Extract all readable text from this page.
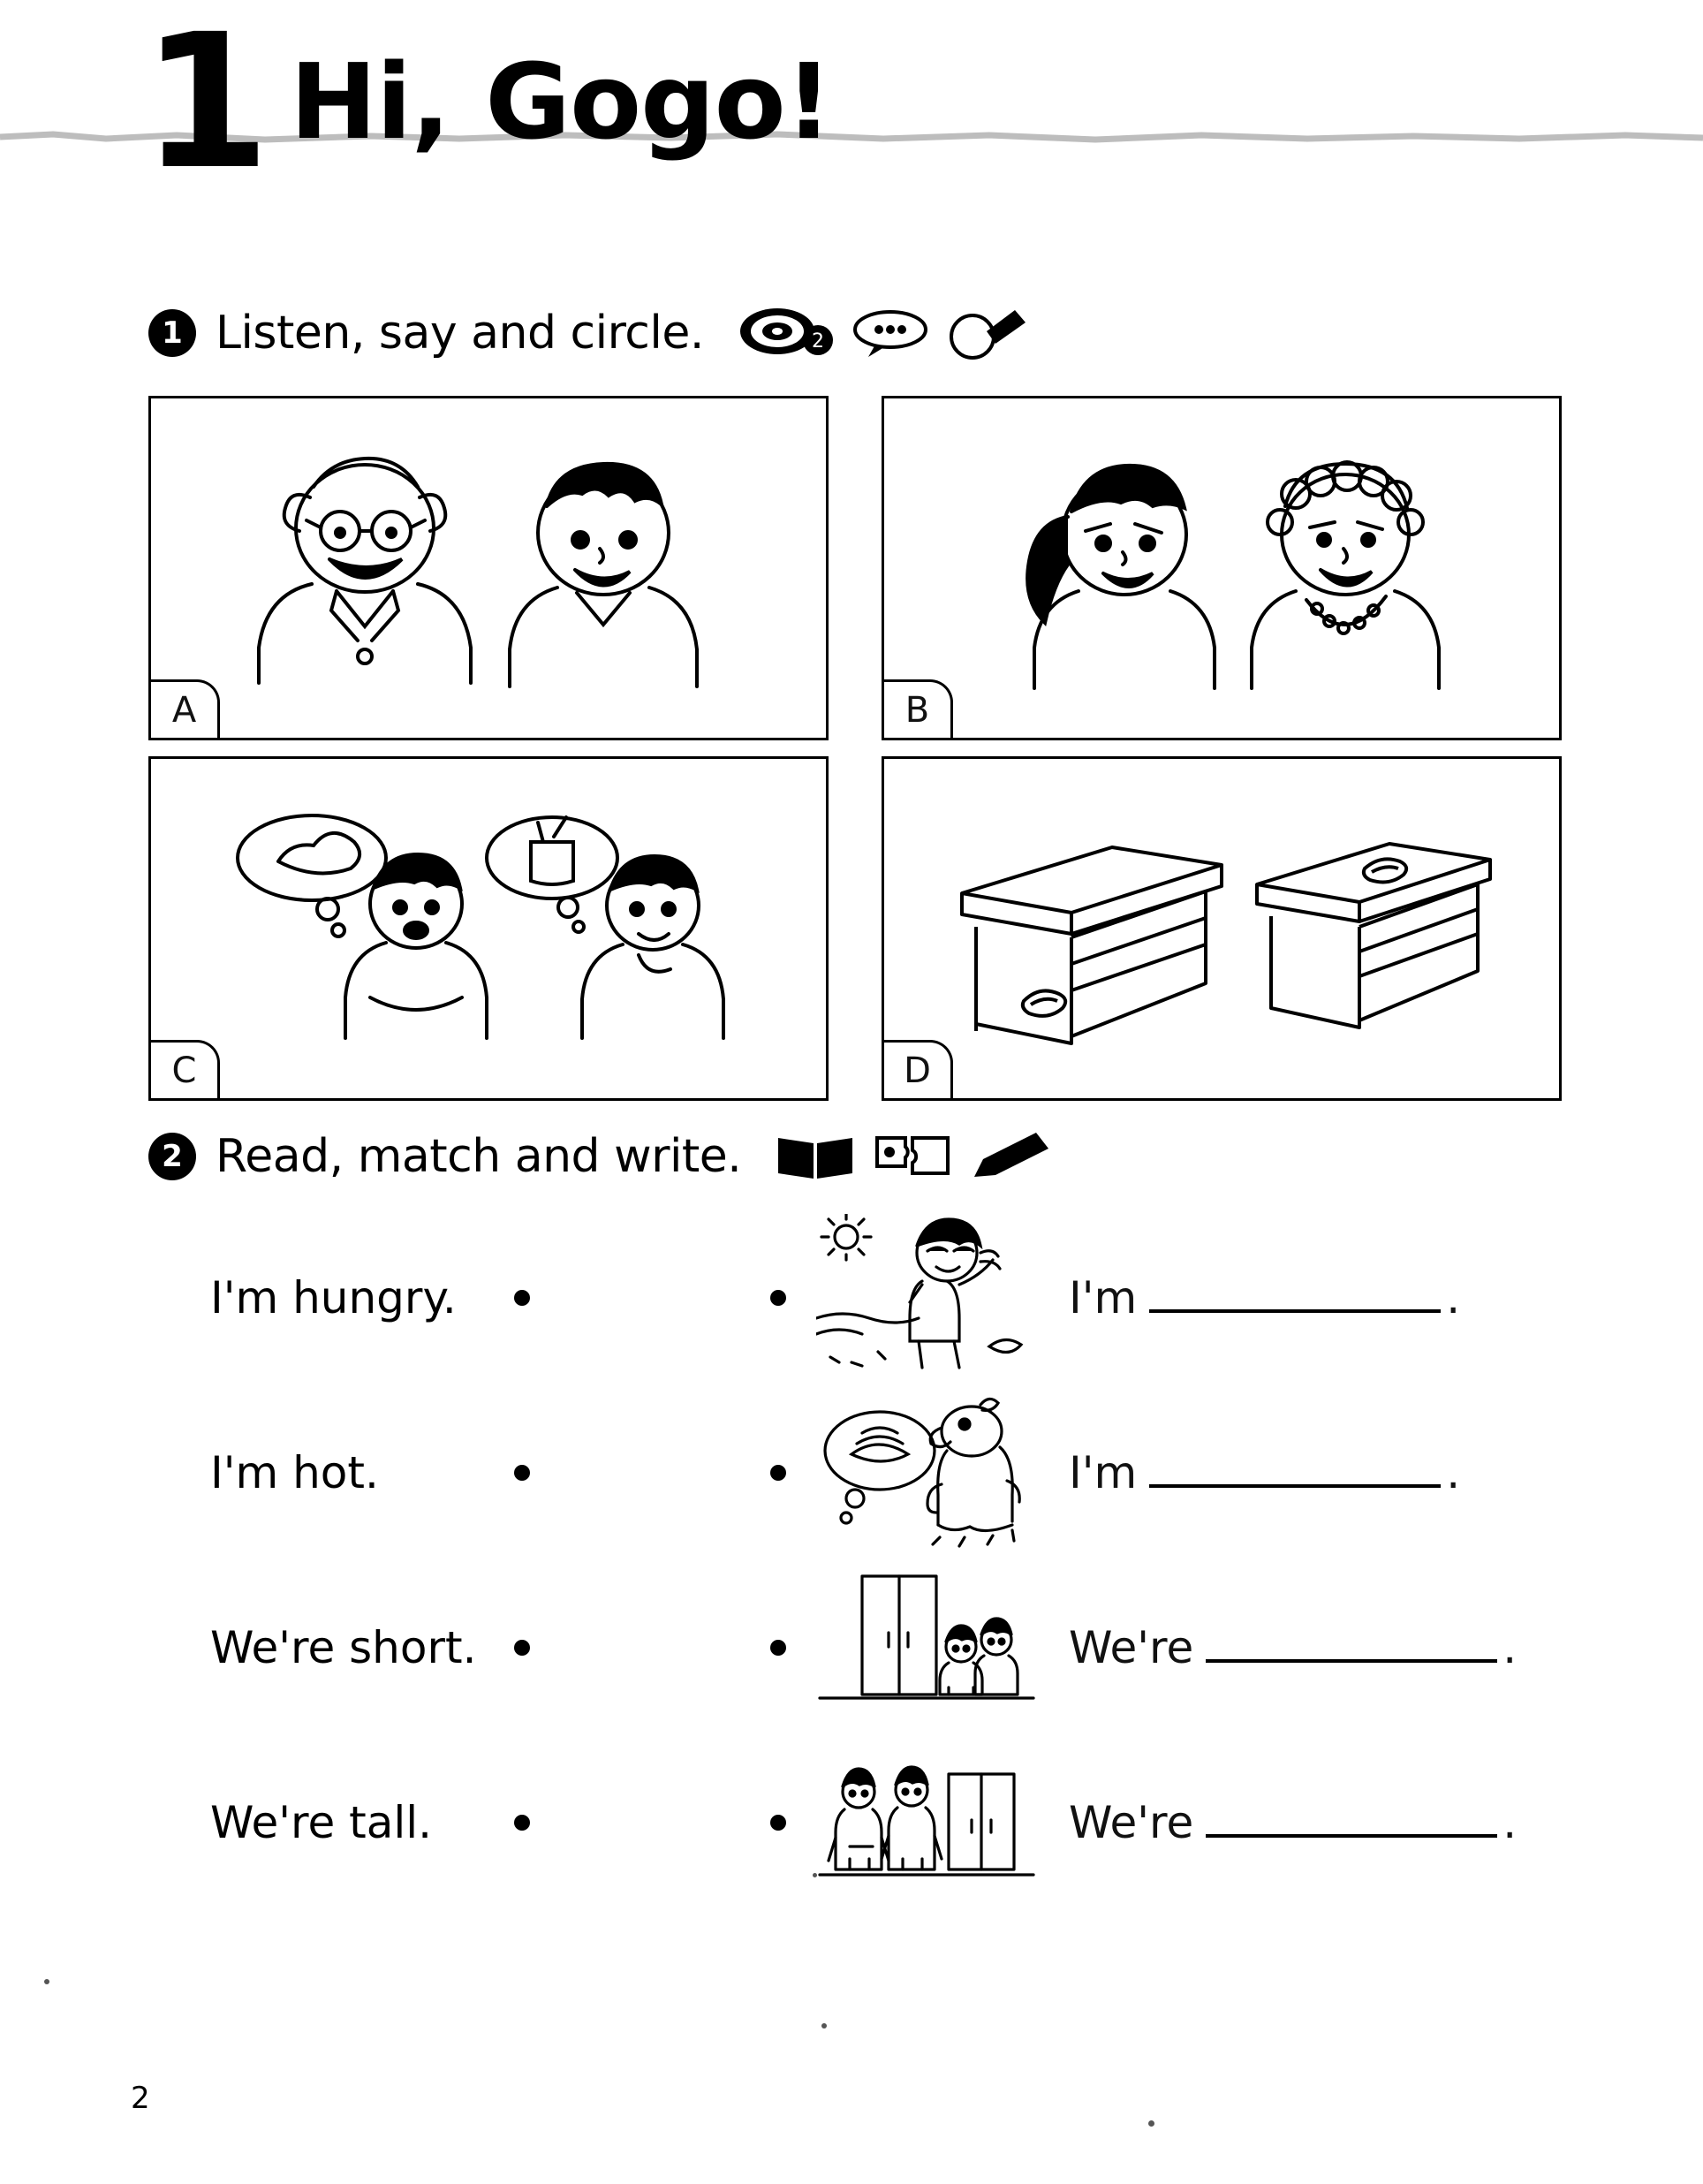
1 Hi, Gogo!
1 Listen, say and circle.	2
A	B
C	D
2 Read, match and write.
I'm hungry.	I'm	.
I'm hot.	I'm	.
We're short.	We're	.
We're tall.	We're	.
2
